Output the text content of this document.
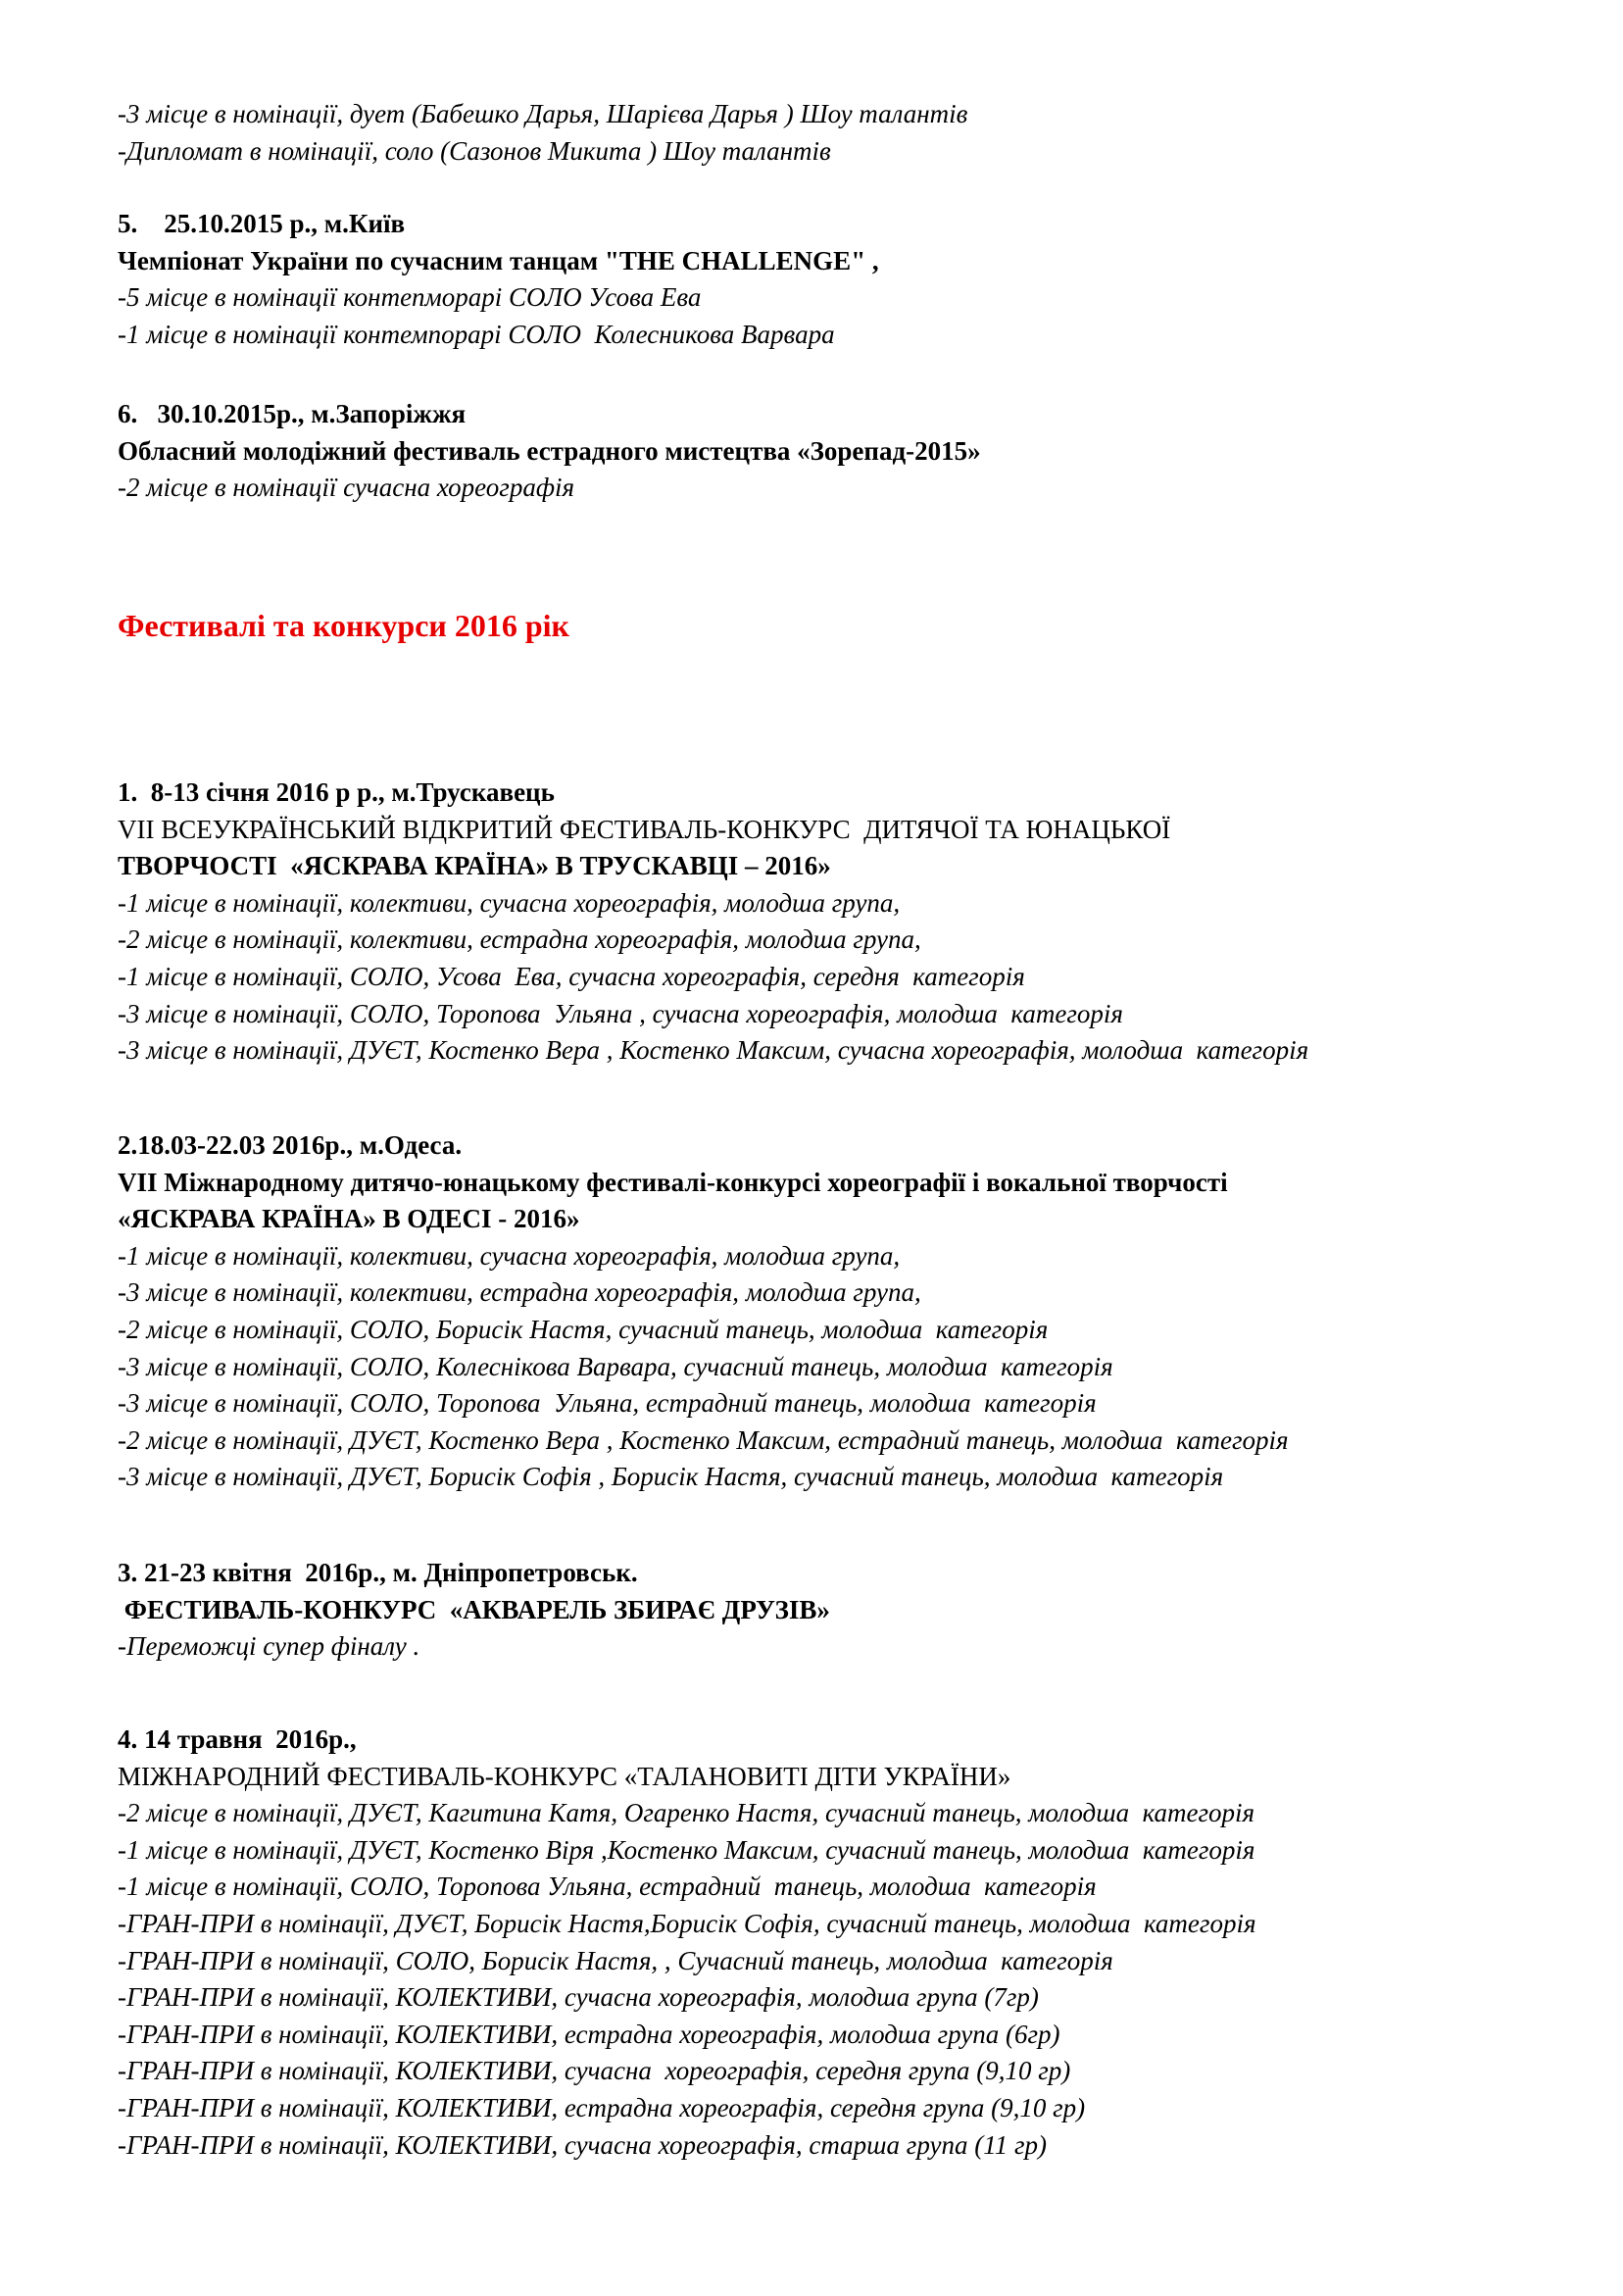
-3 місце в номінації, дует (Бабешко Дарья, Шарієва Дарья ) Шоу талантів
-Дипломат в номінації, соло (Сазонов Микита ) Шоу талантів
5.    25.10.2015 р., м.Київ
Чемпіонат України по сучасним танцам "THE CHALLENGE" ,
-5 місце в номінації контепморарі СОЛО Усова Ева
-1 місце в номінації контемпорарі СОЛО  Колесникова Варвара
6.   30.10.2015р., м.Запоріжжя
Обласний молодіжний фестиваль естрадного мистецтва «Зорепад-2015»
-2 місце в номінації сучасна хореографія
Фестивалі та конкурси 2016 рік
1.  8-13 січня 2016 р р., м.Трускавець
VII ВСЕУКРАЇНСЬКИЙ ВІДКРИТИЙ ФЕСТИВАЛЬ-КОНКУРС  ДИТЯЧОЇ ТА ЮНАЦЬКОЇ
ТВОРЧОСТІ  «ЯСКРАВА КРАЇНА» В ТРУСКАВЦІ – 2016»
-1 місце в номінації, колективи, сучасна хореографія, молодша група,
-2 місце в номінації, колективи, естрадна хореографія, молодша група,
-1 місце в номінації, СОЛО, Усова  Ева, сучасна хореографія, середня  категорія
-3 місце в номінації, СОЛО, Торопова  Ульяна , сучасна хореографія, молодша  категорія
-3 місце в номінації, ДУЄТ, Костенко Вера , Костенко Максим, сучасна хореографія, молодша  категорія
2.18.03-22.03 2016р., м.Одеса.
VII Міжнародному дитячо-юнацькому фестивалі-конкурсі хореографії і вокальної творчості
«ЯСКРАВА КРАЇНА» В ОДЕСІ - 2016»
-1 місце в номінації, колективи, сучасна хореографія, молодша група,
-3 місце в номінації, колективи, естрадна хореографія, молодша група,
-2 місце в номінації, СОЛО, Борисік Настя, сучасний танець, молодша  категорія
-3 місце в номінації, СОЛО, Колеснікова Варвара, сучасний танець, молодша  категорія
-3 місце в номінації, СОЛО, Торопова  Ульяна, естрадний танець, молодша  категорія
-2 місце в номінації, ДУЄТ, Костенко Вера , Костенко Максим, естрадний танець, молодша  категорія
-3 місце в номінації, ДУЄТ, Борисік Софія , Борисік Настя, сучасний танець, молодша  категорія
3. 21-23 квітня  2016р., м. Дніпропетровськ.
ФЕСТИВАЛЬ-КОНКУРС  «АКВАРЕЛЬ ЗБИРАЄ ДРУЗІВ»
-Переможці супер фіналу .
4. 14 травня  2016р.,
МІЖНАРОДНИЙ ФЕСТИВАЛЬ-КОНКУРС «ТАЛАНОВИТІ ДІТИ УКРАЇНИ»
-2 місце в номінації, ДУЄТ, Кагитина Катя, Огаренко Настя, сучасний танець, молодша  категорія
-1 місце в номінації, ДУЄТ, Костенко Віря ,Костенко Максим, сучасний танець, молодша  категорія
-1 місце в номінації, СОЛО, Торопова Ульяна, естрадний  танець, молодша  категорія
-ГРАН-ПРИ в номінації, ДУЄТ, Борисік Настя,Борисік Софія, сучасний танець, молодша  категорія
-ГРАН-ПРИ в номінації, СОЛО, Борисік Настя, , Сучасний танець, молодша  категорія
-ГРАН-ПРИ в номінації, КОЛЕКТИВИ, сучасна хореографія, молодша група (7гр)
-ГРАН-ПРИ в номінації, КОЛЕКТИВИ, естрадна хореографія, молодша група (6гр)
-ГРАН-ПРИ в номінації, КОЛЕКТИВИ, сучасна  хореографія, середня група (9,10 гр)
-ГРАН-ПРИ в номінації, КОЛЕКТИВИ, естрадна хореографія, середня група (9,10 гр)
-ГРАН-ПРИ в номінації, КОЛЕКТИВИ, сучасна хореографія, старша група (11 гр)
